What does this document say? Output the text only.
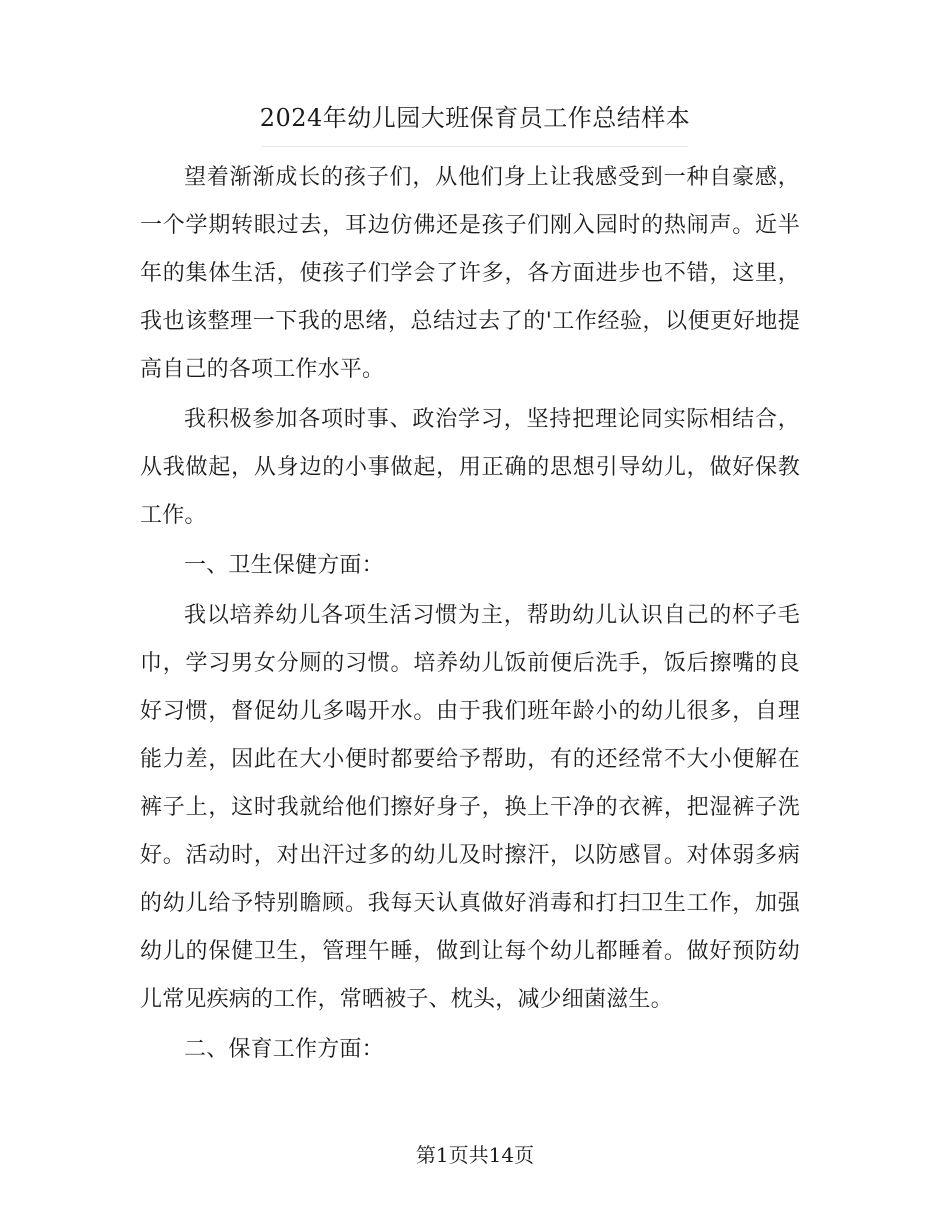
2024年幼儿园大班保育员工作总结样本

望着渐渐成长的孩子们，从他们身上让我感受到一种自豪感，一个学期转眼过去，耳边仿佛还是孩子们刚入园时的热闹声。近半年的集体生活，使孩子们学会了许多，各方面进步也不错，这里，我也该整理一下我的思绪，总结过去了的'工作经验，以便更好地提高自己的各项工作水平。

我积极参加各项时事、政治学习，坚持把理论同实际相结合，从我做起，从身边的小事做起，用正确的思想引导幼儿，做好保教工作。

一、卫生保健方面：

我以培养幼儿各项生活习惯为主，帮助幼儿认识自己的杯子毛巾，学习男女分厕的习惯。培养幼儿饭前便后洗手，饭后擦嘴的良好习惯，督促幼儿多喝开水。由于我们班年龄小的幼儿很多，自理能力差，因此在大小便时都要给予帮助，有的还经常不大小便解在裤子上，这时我就给他们擦好身子，换上干净的衣裤，把湿裤子洗好。活动时，对出汗过多的幼儿及时擦汗，以防感冒。对体弱多病的幼儿给予特别瞻顾。我每天认真做好消毒和打扫卫生工作，加强幼儿的保健卫生，管理午睡，做到让每个幼儿都睡着。做好预防幼儿常见疾病的工作，常晒被子、枕头，减少细菌滋生。

二、保育工作方面：

第1页共14页
